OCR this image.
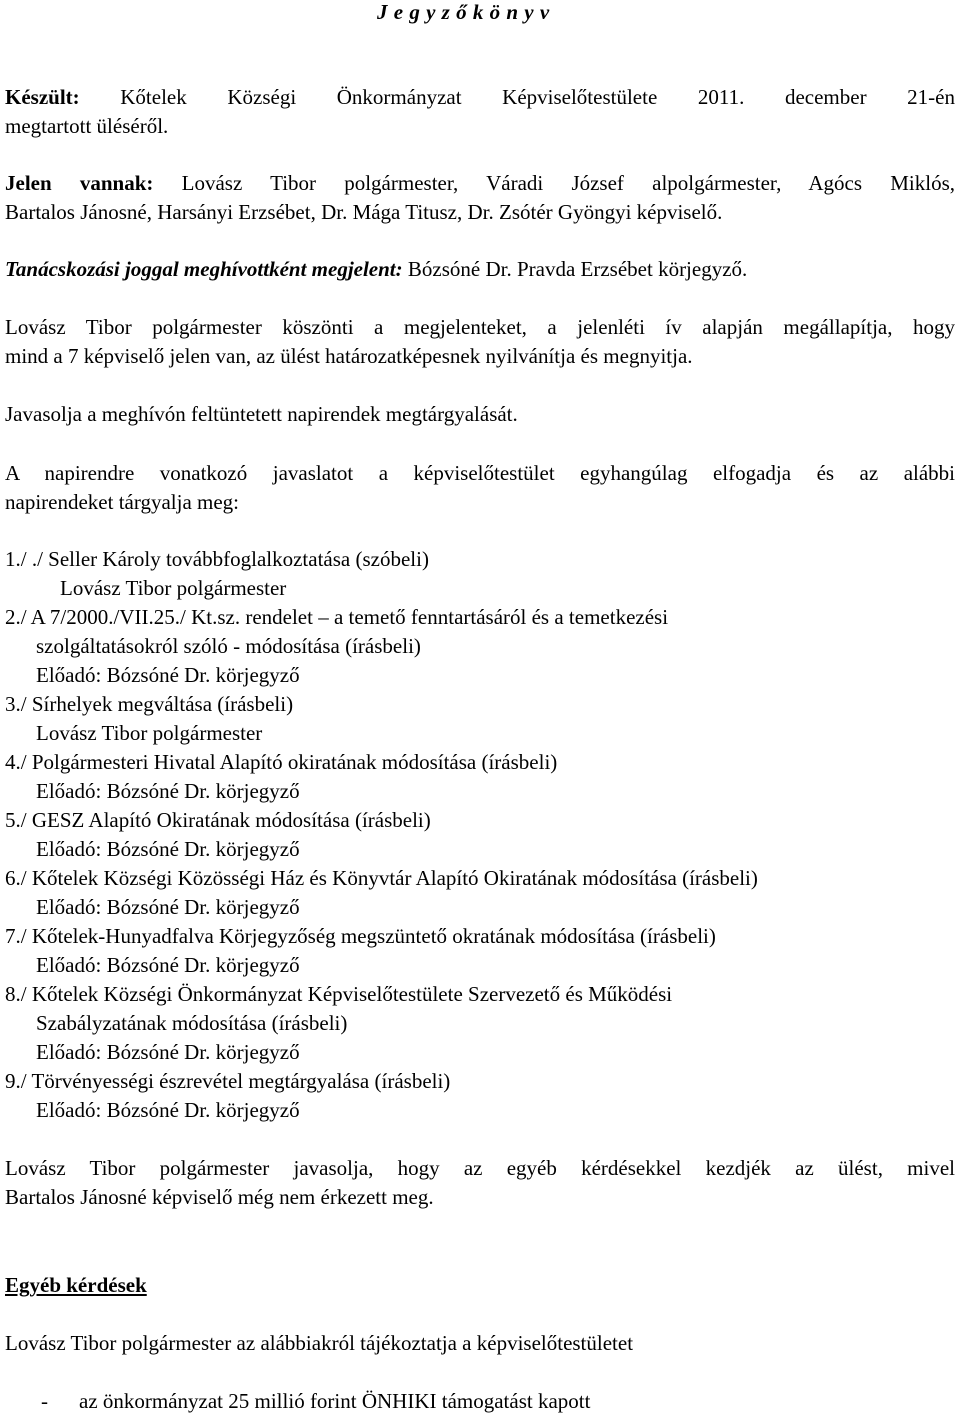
J e g y z ő k ö n y v
Készült: Kőtelek Községi Önkormányzat Képviselőtestülete 2011. december 21-én
megtartott üléséről.
Jelen vannak: Lovász Tibor polgármester, Váradi József alpolgármester, Agócs Miklós,
Bartalos Jánosné, Harsányi Erzsébet, Dr. Mága Titusz, Dr. Zsótér Gyöngyi képviselő.
Tanácskozási joggal meghívottként megjelent: Bózsóné Dr. Pravda Erzsébet körjegyző.
Lovász Tibor polgármester köszönti a megjelenteket, a jelenléti ív alapján megállapítja, hogy
mind a 7 képviselő jelen van, az ülést határozatképesnek nyilvánítja és megnyitja.
Javasolja a meghívón feltüntetett napirendek megtárgyalását.
A napirendre vonatkozó javaslatot a képviselőtestület egyhangúlag elfogadja és az alábbi
napirendeket tárgyalja meg:
1./ ./ Seller Károly továbbfoglalkoztatása (szóbeli)
Lovász Tibor polgármester
2./ A 7/2000./VII.25./ Kt.sz. rendelet – a temető fenntartásáról és a temetkezési
szolgáltatásokról szóló - módosítása (írásbeli)
Előadó: Bózsóné Dr. körjegyző
3./ Sírhelyek megváltása (írásbeli)
Lovász Tibor polgármester
4./ Polgármesteri Hivatal Alapító okiratának módosítása (írásbeli)
Előadó: Bózsóné Dr. körjegyző
5./ GESZ Alapító Okiratának módosítása (írásbeli)
Előadó: Bózsóné Dr. körjegyző
6./ Kőtelek Községi Közösségi Ház és Könyvtár Alapító Okiratának módosítása (írásbeli)
Előadó: Bózsóné Dr. körjegyző
7./ Kőtelek-Hunyadfalva Körjegyzőség megszüntető okratának módosítása (írásbeli)
Előadó: Bózsóné Dr. körjegyző
8./ Kőtelek Községi Önkormányzat Képviselőtestülete Szervezető és Működési
Szabályzatának módosítása (írásbeli)
Előadó: Bózsóné Dr. körjegyző
9./ Törvényességi észrevétel megtárgyalása (írásbeli)
Előadó: Bózsóné Dr. körjegyző
Lovász Tibor polgármester javasolja, hogy az egyéb kérdésekkel kezdjék az ülést, mivel
Bartalos Jánosné képviselő még nem érkezett meg.
Egyéb kérdések
Lovász Tibor polgármester az alábbiakról tájékoztatja a képviselőtestületet
- az önkormányzat 25 millió forint ÖNHIKI támogatást kapott
